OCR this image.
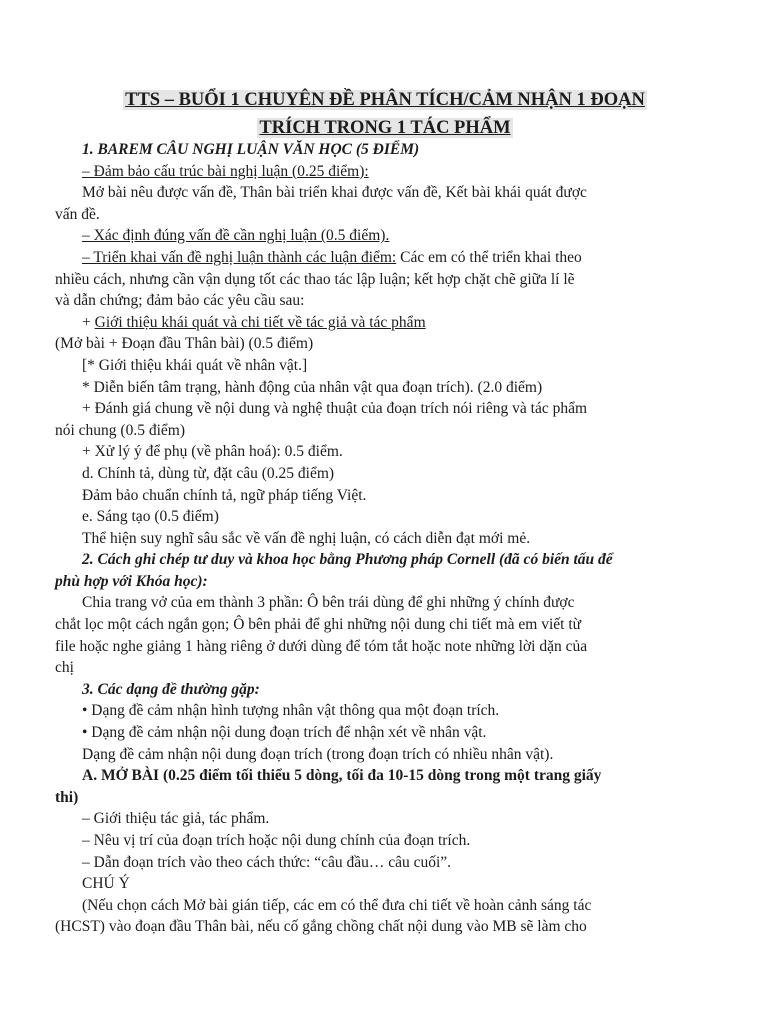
TTS – BUỔI 1 CHUYÊN ĐỀ PHÂN TÍCH/CẢM NHẬN 1 ĐOẠN
TRÍCH TRONG 1 TÁC PHẨM

1. BAREM CÂU NGHỊ LUẬN VĂN HỌC (5 ĐIỂM)

– Đảm bảo cấu trúc bài nghị luận (0.25 điểm):

Mở bài nêu được vấn đề, Thân bài triển khai được vấn đề, Kết bài khái quát được

vấn đề.

– Xác định đúng vấn đề cần nghị luận (0.5 điểm).

– Triển khai vấn đề nghị luận thành các luận điểm: Các em có thể triển khai theo

nhiều cách, nhưng cần vận dụng tốt các thao tác lập luận; kết hợp chặt chẽ giữa lí lẽ

và dẫn chứng; đảm bảo các yêu cầu sau:

+ Giới thiệu khái quát và chi tiết về tác giả và tác phẩm

(Mở bài + Đoạn đầu Thân bài) (0.5 điểm)

[* Giới thiệu khái quát về nhân vật.]

* Diễn biến tâm trạng, hành động của nhân vật qua đoạn trích). (2.0 điểm)

+ Đánh giá chung về nội dung và nghệ thuật của đoạn trích nói riêng và tác phẩm

nói chung (0.5 điểm)

+ Xử lý ý để phụ (về phân hoá): 0.5 điểm.

d. Chính tả, dùng từ, đặt câu (0.25 điểm)

Đảm bảo chuẩn chính tả, ngữ pháp tiếng Việt.

e. Sáng tạo (0.5 điểm)

Thể hiện suy nghĩ sâu sắc về vấn đề nghị luận, có cách diễn đạt mới mẻ.

2. Cách ghi chép tư duy và khoa học bằng Phương pháp Cornell (đã có biến tấu để

phù hợp với Khóa học):

Chia trang vở của em thành 3 phần: Ô bên trái dùng để ghi những ý chính được

chắt lọc một cách ngắn gọn; Ô bên phải để ghi những nội dung chi tiết mà em viết từ

file hoặc nghe giảng 1 hàng riêng ở dưới dùng để tóm tắt hoặc note những lời dặn của

chị

3. Các dạng đề thường gặp:

• Dạng đề cảm nhận hình tượng nhân vật thông qua một đoạn trích.

• Dạng đề cảm nhận nội dung đoạn trích để nhận xét về nhân vật.

Dạng đề cảm nhận nội dung đoạn trích (trong đoạn trích có nhiều nhân vật).

A. MỞ BÀI (0.25 điểm tối thiểu 5 dòng, tối đa 10-15 dòng trong một trang giấy

thi)

– Giới thiệu tác giả, tác phẩm.

– Nêu vị trí của đoạn trích hoặc nội dung chính của đoạn trích.

– Dẫn đoạn trích vào theo cách thức: “câu đầu… câu cuối”.

CHÚ Ý

(Nếu chọn cách Mở bài gián tiếp, các em có thể đưa chi tiết về hoàn cảnh sáng tác

(HCST) vào đoạn đầu Thân bài, nếu cố gắng chồng chất nội dung vào MB sẽ làm cho
